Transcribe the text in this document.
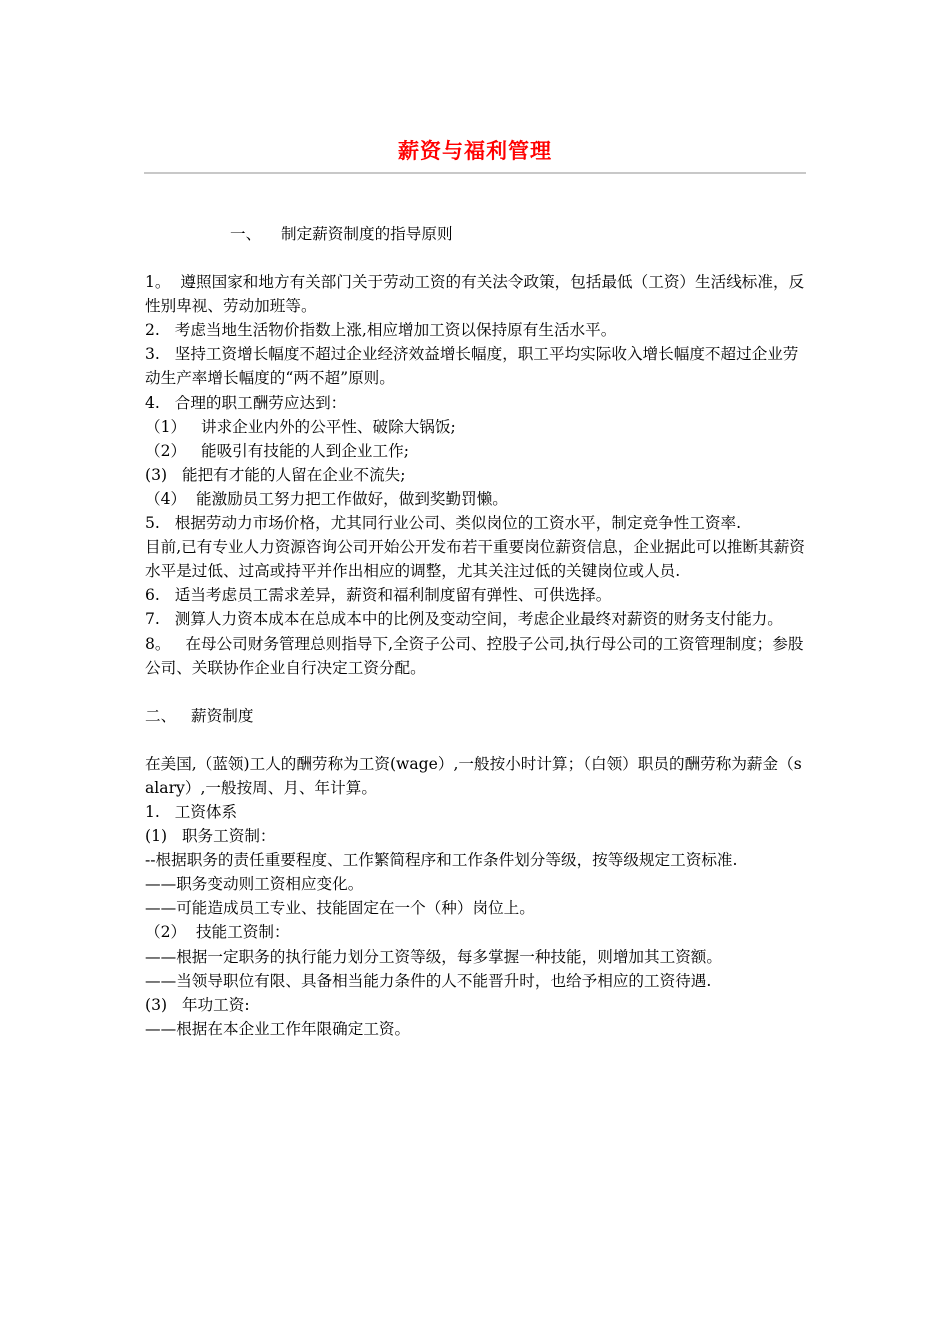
薪资与福利管理

一、    制定薪资制度的指导原则

1。  遵照国家和地方有关部门关于劳动工资的有关法令政策，包括最低（工资）生活线标准，反性别卑视、劳动加班等。

2.   考虑当地生活物价指数上涨,相应增加工资以保持原有生活水平。

3.   坚持工资增长幅度不超过企业经济效益增长幅度，职工平均实际收入增长幅度不超过企业劳动生产率增长幅度的“两不超”原则。

4.   合理的职工酬劳应达到：

（1）   讲求企业内外的公平性、破除大锅饭;

（2）   能吸引有技能的人到企业工作;

(3)   能把有才能的人留在企业不流失;

（4）  能激励员工努力把工作做好，做到奖勤罚懒。

5.   根据劳动力市场价格，尤其同行业公司、类似岗位的工资水平，制定竞争性工资率.

目前,已有专业人力资源咨询公司开始公开发布若干重要岗位薪资信息，企业据此可以推断其薪资水平是过低、过高或持平并作出相应的调整，尤其关注过低的关键岗位或人员.

6.   适当考虑员工需求差异，薪资和福利制度留有弹性、可供选择。

7.   测算人力资本成本在总成本中的比例及变动空间，考虑企业最终对薪资的财务支付能力。

8。   在母公司财务管理总则指导下,全资子公司、控股子公司,执行母公司的工资管理制度；参股公司、关联协作企业自行决定工资分配。

二、   薪资制度

在美国,（蓝领)工人的酬劳称为工资(wage）,一般按小时计算；（白领）职员的酬劳称为薪金（salary）,一般按周、月、年计算。

1.   工资体系

(1)   职务工资制：

--根据职务的责任重要程度、工作繁简程序和工作条件划分等级，按等级规定工资标准.

——职务变动则工资相应变化。

——可能造成员工专业、技能固定在一个（种）岗位上。

（2）  技能工资制：

——根据一定职务的执行能力划分工资等级，每多掌握一种技能，则增加其工资额。

——当领导职位有限、具备相当能力条件的人不能晋升时，也给予相应的工资待遇.

(3)   年功工资:

——根据在本企业工作年限确定工资。
